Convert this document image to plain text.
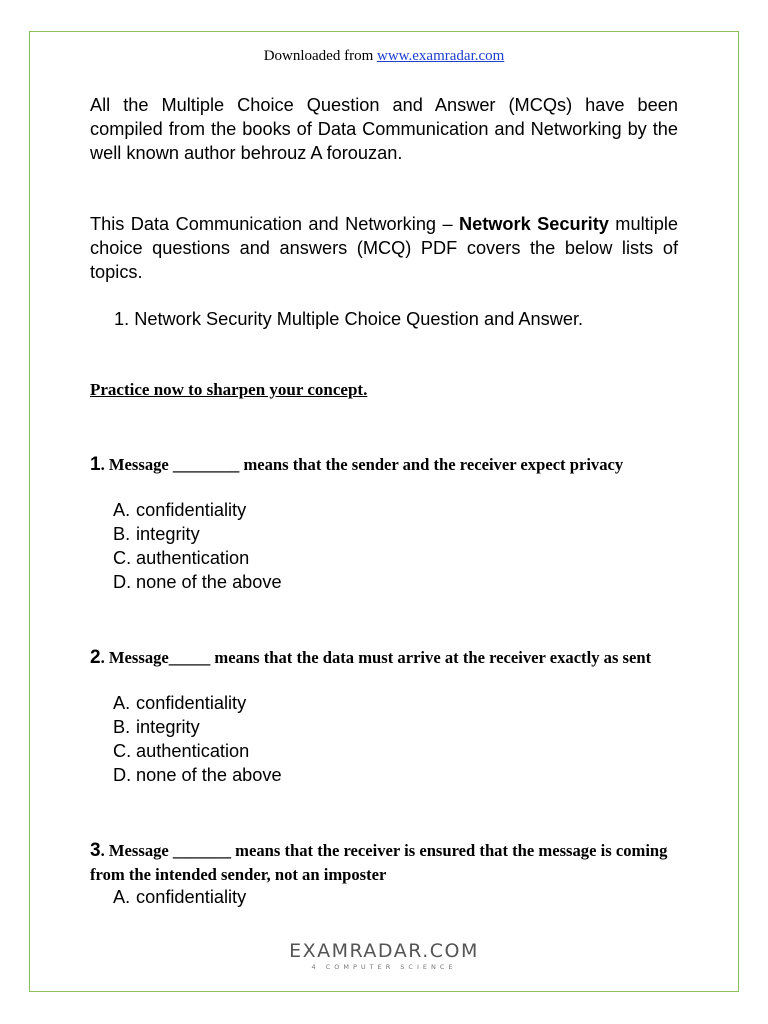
Downloaded from www.examradar.com

All the Multiple Choice Question and Answer (MCQs) have been compiled from the books of Data Communication and Networking by the well known author behrouz A forouzan.

This Data Communication and Networking – Network Security multiple choice questions and answers (MCQ) PDF covers the below lists of topics.

1. Network Security Multiple Choice Question and Answer.
Practice now to sharpen your concept.
1. Message ________ means that the sender and the receiver expect privacy
A. confidentiality
B. integrity
C. authentication
D. none of the above
2. Message_____ means that the data must arrive at the receiver exactly as sent
A. confidentiality
B. integrity
C. authentication
D. none of the above
3. Message _______ means that the receiver is ensured that the message is coming from the intended sender, not an imposter
A. confidentiality
EXAMRADAR.COM
4 COMPUTER SCIENCE
